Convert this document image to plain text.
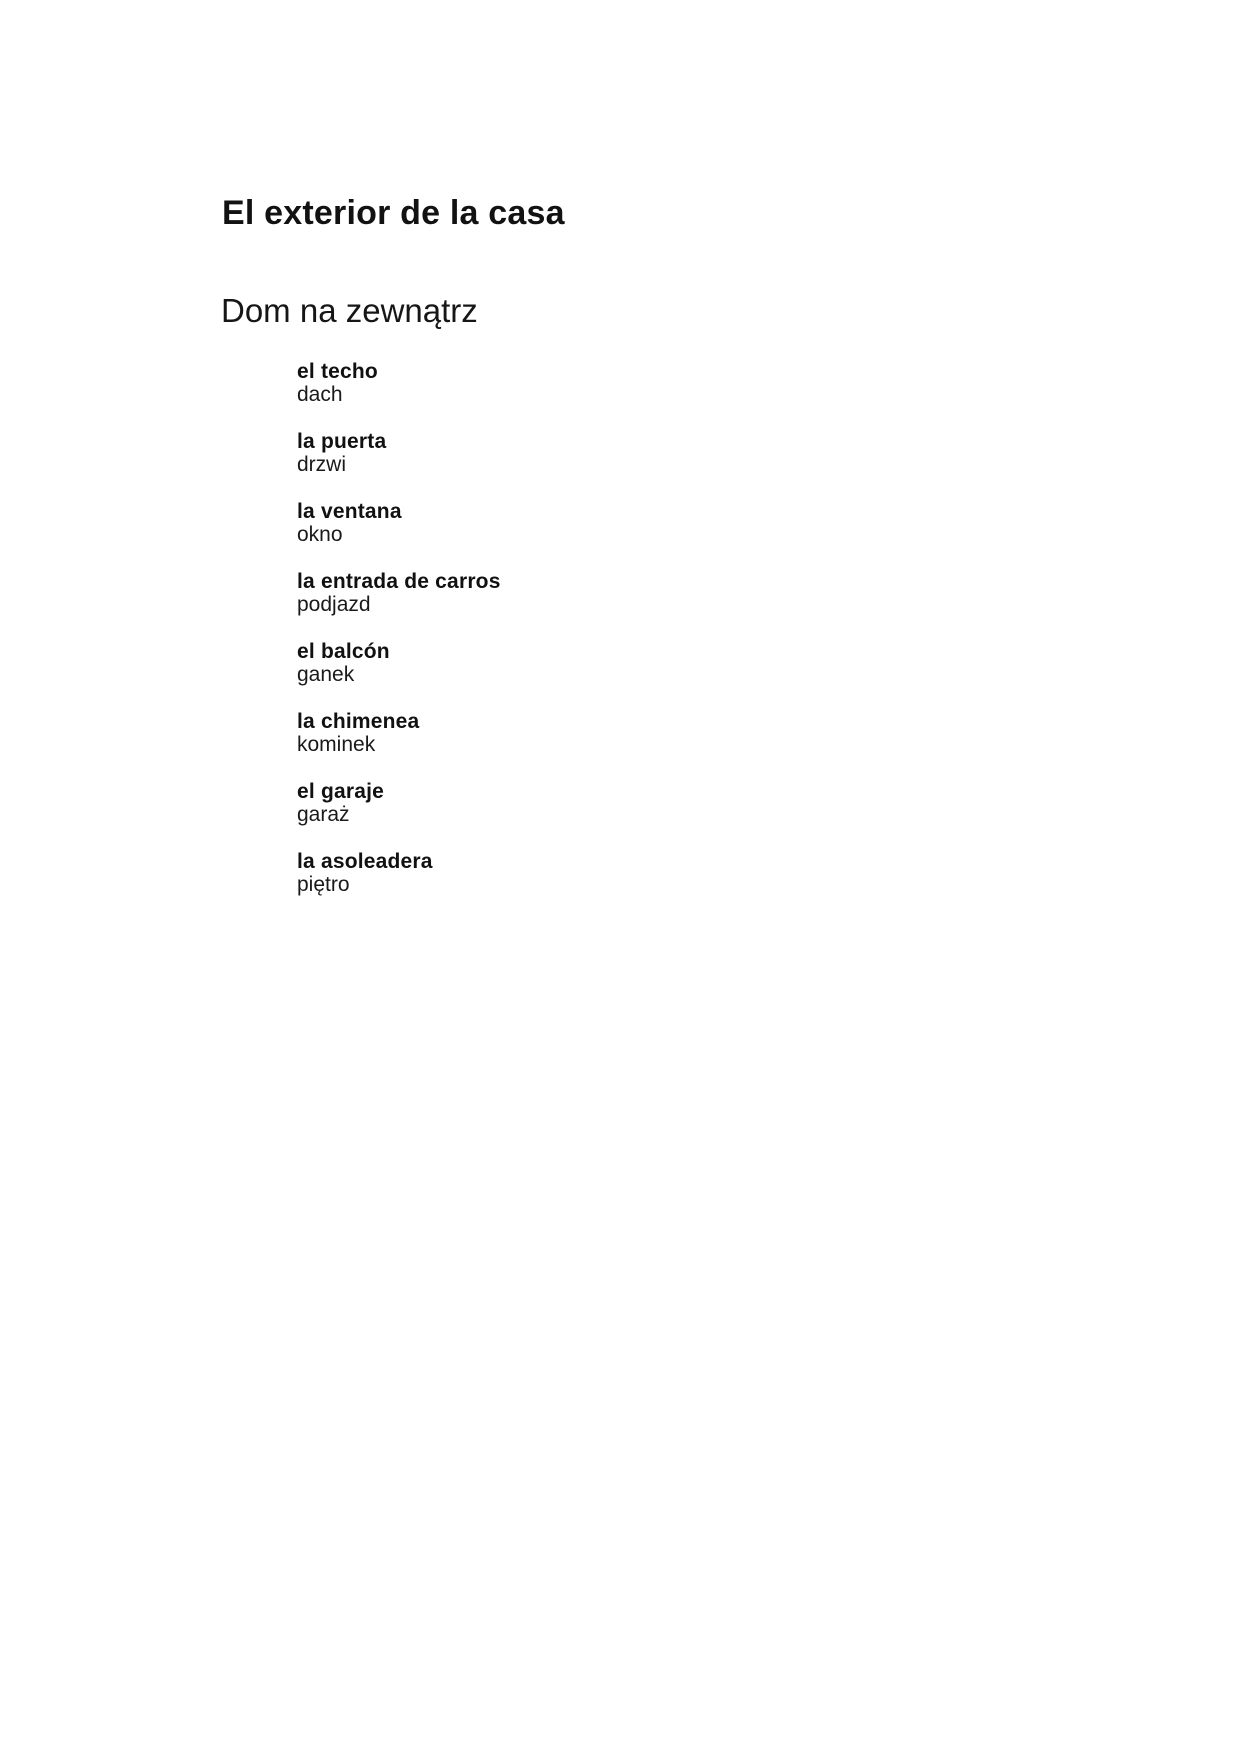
El exterior de la casa
Dom na zewnątrz
el techo
dach
la puerta
drzwi
la ventana
okno
la entrada de carros
podjazd
el balcón
ganek
la chimenea
kominek
el garaje
garaż
la asoleadera
piętro
